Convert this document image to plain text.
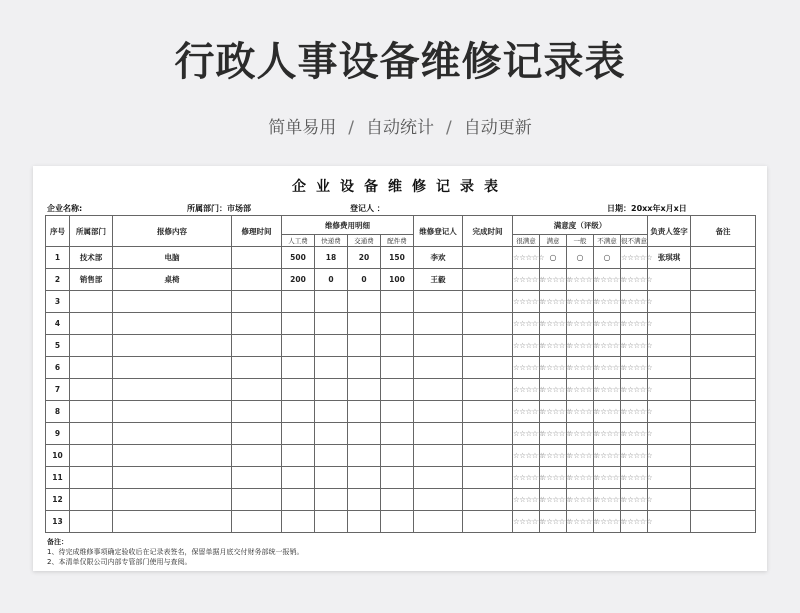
行政人事设备维修记录表
简单易用 / 自动统计 / 自动更新
企业设备维修记录表
企业名称:	所属部门：市场部	登记人 ：	日期：20xx年x月x日
序号	所属部门	报修内容	修理时间	维修费用明细				维修登记人	完成时间	满意度（评级）					负责人签字	备注
				人工费	快递费	交通费	配件费			很满意	满意	一般	不满意	很不满意		
1	技术部	电脑		500	18	20	150	李欢		☆☆☆☆☆	○	○	○	☆☆☆☆☆	张琪琪	
2	销售部	桌椅		200	0	0	100	王毅		☆☆☆☆☆	☆☆☆☆☆	☆☆☆☆☆	☆☆☆☆☆	☆☆☆☆☆		
3										☆☆☆☆☆	☆☆☆☆☆	☆☆☆☆☆	☆☆☆☆☆	☆☆☆☆☆		
4										☆☆☆☆☆	☆☆☆☆☆	☆☆☆☆☆	☆☆☆☆☆	☆☆☆☆☆		
5										☆☆☆☆☆	☆☆☆☆☆	☆☆☆☆☆	☆☆☆☆☆	☆☆☆☆☆		
6										☆☆☆☆☆	☆☆☆☆☆	☆☆☆☆☆	☆☆☆☆☆	☆☆☆☆☆		
7										☆☆☆☆☆	☆☆☆☆☆	☆☆☆☆☆	☆☆☆☆☆	☆☆☆☆☆		
8										☆☆☆☆☆	☆☆☆☆☆	☆☆☆☆☆	☆☆☆☆☆	☆☆☆☆☆		
9										☆☆☆☆☆	☆☆☆☆☆	☆☆☆☆☆	☆☆☆☆☆	☆☆☆☆☆		
10										☆☆☆☆☆	☆☆☆☆☆	☆☆☆☆☆	☆☆☆☆☆	☆☆☆☆☆		
11										☆☆☆☆☆	☆☆☆☆☆	☆☆☆☆☆	☆☆☆☆☆	☆☆☆☆☆		
12										☆☆☆☆☆	☆☆☆☆☆	☆☆☆☆☆	☆☆☆☆☆	☆☆☆☆☆		
13										☆☆☆☆☆	☆☆☆☆☆	☆☆☆☆☆	☆☆☆☆☆	☆☆☆☆☆		
备注：
1、待完成维修事项确定验收后在记录表签名，保留单据月底交付财务部统一报销。
2、本清单仅限公司内部专管部门使用与查阅。
